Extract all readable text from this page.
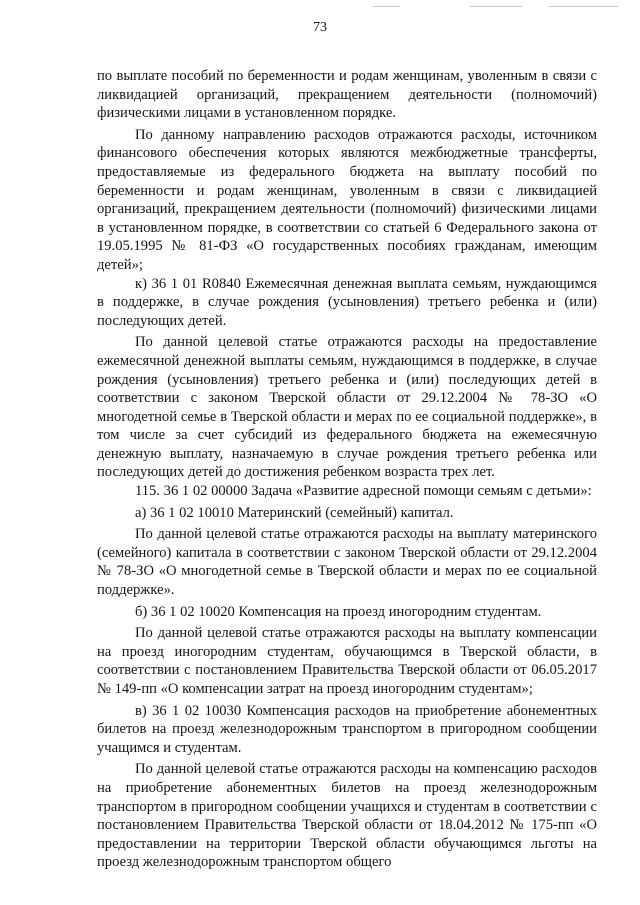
73

по выплате пособий по беременности и родам женщинам, уволенным в связи с ликвидацией организаций, прекращением деятельности (полномочий) физическими лицами в установленном порядке.

По данному направлению расходов отражаются расходы, источником финансового обеспечения которых являются межбюджетные трансферты, предоставляемые из федерального бюджета на выплату пособий по беременности и родам женщинам, уволенным в связи с ликвидацией организаций, прекращением деятельности (полномочий) физическими лицами в установленном порядке, в соответствии со статьей 6 Федерального закона от 19.05.1995 № 81-ФЗ «О государственных пособиях гражданам, имеющим детей»;

к) 36 1 01 R0840 Ежемесячная денежная выплата семьям, нуждающимся в поддержке, в случае рождения (усыновления) третьего ребенка и (или) последующих детей.

По данной целевой статье отражаются расходы на предоставление ежемесячной денежной выплаты семьям, нуждающимся в поддержке, в случае рождения (усыновления) третьего ребенка и (или) последующих детей в соответствии с законом Тверской области от 29.12.2004 № 78-ЗО «О многодетной семье в Тверской области и мерах по ее социальной поддержке», в том числе за счет субсидий из федерального бюджета на ежемесячную денежную выплату, назначаемую в случае рождения третьего ребенка или последующих детей до достижения ребенком возраста трех лет.

115. 36 1 02 00000 Задача «Развитие адресной помощи семьям с детьми»:

а) 36 1 02 10010 Материнский (семейный) капитал.

По данной целевой статье отражаются расходы на выплату материнского (семейного) капитала в соответствии с законом Тверской области от 29.12.2004 № 78-ЗО «О многодетной семье в Тверской области и мерах по ее социальной поддержке».

б) 36 1 02 10020 Компенсация на проезд иногородним студентам.

По данной целевой статье отражаются расходы на выплату компенсации на проезд иногородним студентам, обучающимся в Тверской области, в соответствии с постановлением Правительства Тверской области от 06.05.2017 № 149-пп «О компенсации затрат на проезд иногородним студентам»;

в) 36 1 02 10030 Компенсация расходов на приобретение абонементных билетов на проезд железнодорожным транспортом в пригородном сообщении учащимся и студентам.

По данной целевой статье отражаются расходы на компенсацию расходов на приобретение абонементных билетов на проезд железнодорожным транспортом в пригородном сообщении учащихся и студентам в соответствии с постановлением Правительства Тверской области от 18.04.2012 № 175-пп «О предоставлении на территории Тверской области обучающимся льготы на проезд железнодорожным транспортом общего
